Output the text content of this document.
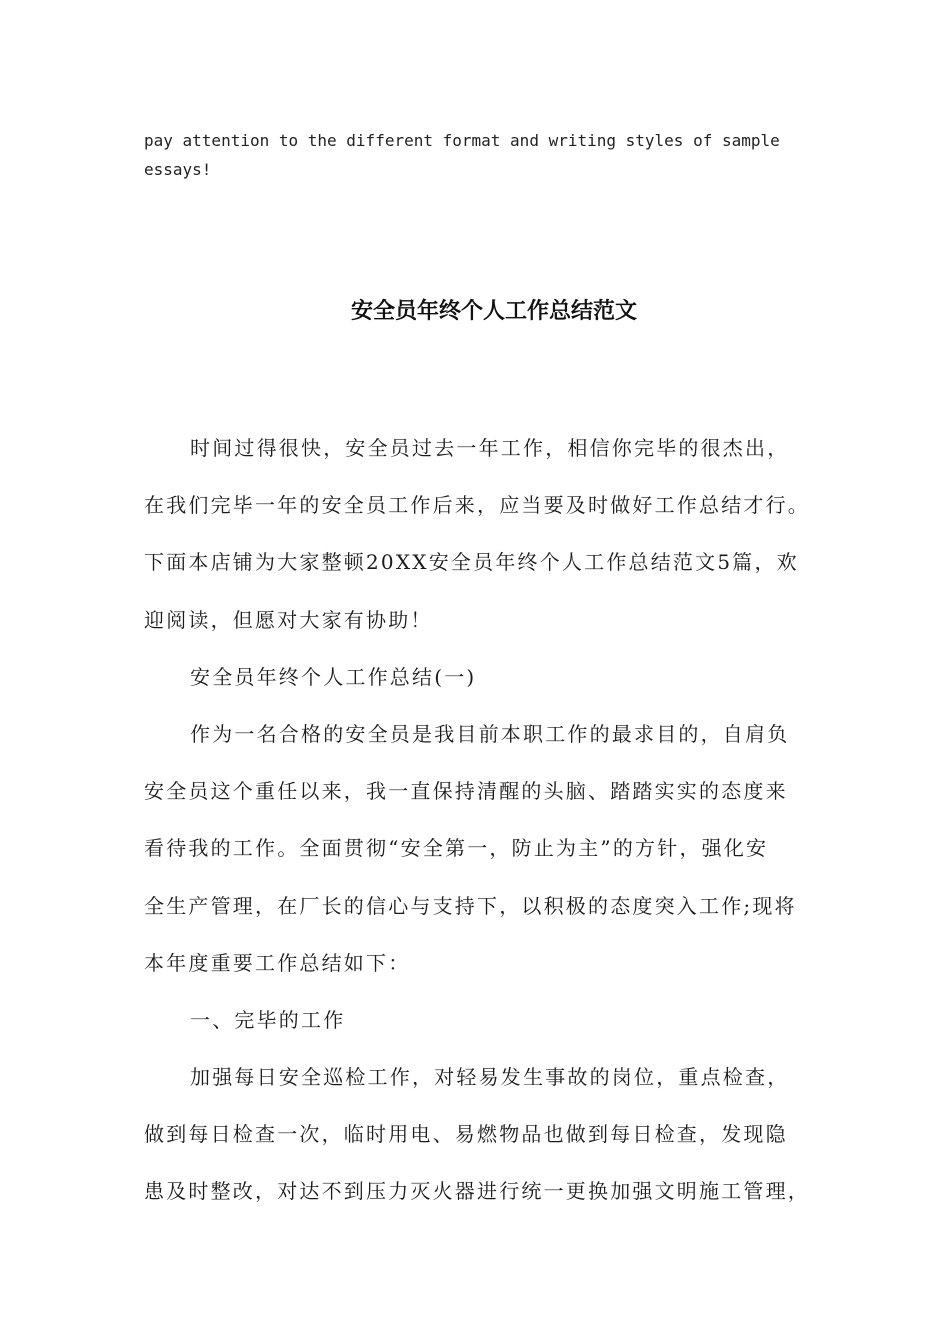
pay attention to the different format and writing styles of sample essays!
安全员年终个人工作总结范文
时间过得很快，安全员过去一年工作，相信你完毕的很杰出，
在我们完毕一年的安全员工作后来，应当要及时做好工作总结才行。
下面本店铺为大家整顿20XX安全员年终个人工作总结范文5篇，欢
迎阅读，但愿对大家有协助！
安全员年终个人工作总结(一)
作为一名合格的安全员是我目前本职工作的最求目的，自肩负
安全员这个重任以来，我一直保持清醒的头脑、踏踏实实的态度来
看待我的工作。全面贯彻“安全第一，防止为主”的方针，强化安
全生产管理，在厂长的信心与支持下，以积极的态度突入工作;现将
本年度重要工作总结如下：
一、完毕的工作
加强每日安全巡检工作，对轻易发生事故的岗位，重点检查，
做到每日检查一次，临时用电、易燃物品也做到每日检查，发现隐
患及时整改，对达不到压力灭火器进行统一更换加强文明施工管理，
